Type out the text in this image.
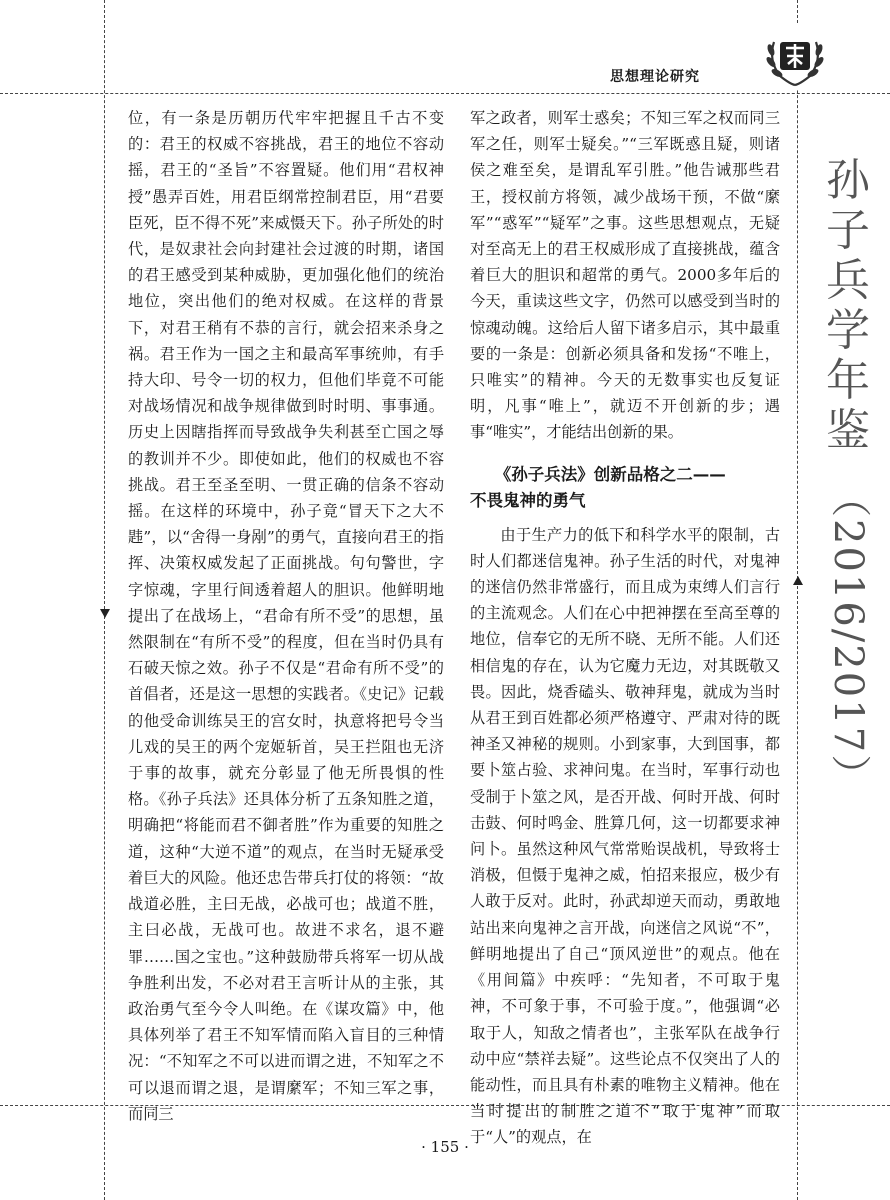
思想理论研究

位，有一条是历朝历代牢牢把握且千古不变的：君王的权威不容挑战，君王的地位不容动摇，君王的“圣旨”不容置疑。他们用“君权神授”愚弄百姓，用君臣纲常控制君臣，用“君要臣死，臣不得不死”来威慑天下。孙子所处的时代，是奴隶社会向封建社会过渡的时期，诸国的君王感受到某种威胁，更加强化他们的统治地位，突出他们的绝对权威。在这样的背景下，对君王稍有不恭的言行，就会招来杀身之祸。君王作为一国之主和最高军事统帅，有手持大印、号令一切的权力，但他们毕竟不可能对战场情况和战争规律做到时时明、事事通。历史上因瞎指挥而导致战争失利甚至亡国之辱的教训并不少。即使如此，他们的权威也不容挑战。君王至圣至明、一贯正确的信条不容动摇。在这样的环境中，孙子竟“冒天下之大不韪”，以“舍得一身剐”的勇气，直接向君王的指挥、决策权威发起了正面挑战。句句警世，字字惊魂，字里行间透着超人的胆识。他鲜明地提出了在战场上，“君命有所不受”的思想，虽然限制在“有所不受”的程度，但在当时仍具有石破天惊之效。孙子不仅是“君命有所不受”的首倡者，还是这一思想的实践者。《史记》记载的他受命训练吴王的宫女时，执意将把号令当儿戏的吴王的两个宠姬斩首，吴王拦阻也无济于事的故事，就充分彰显了他无所畏惧的性格。《孙子兵法》还具体分析了五条知胜之道，明确把“将能而君不御者胜”作为重要的知胜之道，这种“大逆不道”的观点，在当时无疑承受着巨大的风险。他还忠告带兵打仗的将领：“故战道必胜，主曰无战，必战可也；战道不胜，主曰必战，无战可也。故进不求名，退不避罪……国之宝也。”这种鼓励带兵将军一切从战争胜利出发，不必对君王言听计从的主张，其政治勇气至今令人叫绝。在《谋攻篇》中，他具体列举了君王不知军情而陷入盲目的三种情况：“不知军之不可以进而谓之进，不知军之不可以退而谓之退，是谓縻军；不知三军之事，而同三

军之政者，则军士惑矣；不知三军之权而同三军之任，则军士疑矣。”“三军既惑且疑，则诸侯之难至矣，是谓乱军引胜。”他告诫那些君王，授权前方将领，减少战场干预，不做“縻军”“惑军”“疑军”之事。这些思想观点，无疑对至高无上的君王权威形成了直接挑战，蕴含着巨大的胆识和超常的勇气。2000多年后的今天，重读这些文字，仍然可以感受到当时的惊魂动魄。这给后人留下诸多启示，其中最重要的一条是：创新必须具备和发扬“不唯上，只唯实”的精神。今天的无数事实也反复证明，凡事“唯上”，就迈不开创新的步；遇事“唯实”，才能结出创新的果。

《孙子兵法》创新品格之二——
不畏鬼神的勇气

由于生产力的低下和科学水平的限制，古时人们都迷信鬼神。孙子生活的时代，对鬼神的迷信仍然非常盛行，而且成为束缚人们言行的主流观念。人们在心中把神摆在至高至尊的地位，信奉它的无所不晓、无所不能。人们还相信鬼的存在，认为它魔力无边，对其既敬又畏。因此，烧香磕头、敬神拜鬼，就成为当时从君王到百姓都必须严格遵守、严肃对待的既神圣又神秘的规则。小到家事，大到国事，都要卜筮占验、求神问鬼。在当时，军事行动也受制于卜筮之风，是否开战、何时开战、何时击鼓、何时鸣金、胜算几何，这一切都要求神问卜。虽然这种风气常常贻误战机，导致将士消极，但慑于鬼神之威，怕招来报应，极少有人敢于反对。此时，孙武却逆天而动，勇敢地站出来向鬼神之言开战，向迷信之风说“不”，鲜明地提出了自己“顶风逆世”的观点。他在《用间篇》中疾呼：“先知者，不可取于鬼神，不可象于事，不可验于度。”，他强调“必取于人，知敌之情者也”，主张军队在战争行动中应“禁祥去疑”。这些论点不仅突出了人的能动性，而且具有朴素的唯物主义精神。他在当时提出的制胜之道不“取于鬼神”而取于“人”的观点，在

孙
子
兵
学
年
鉴
（2016/2017）
· 155 ·
